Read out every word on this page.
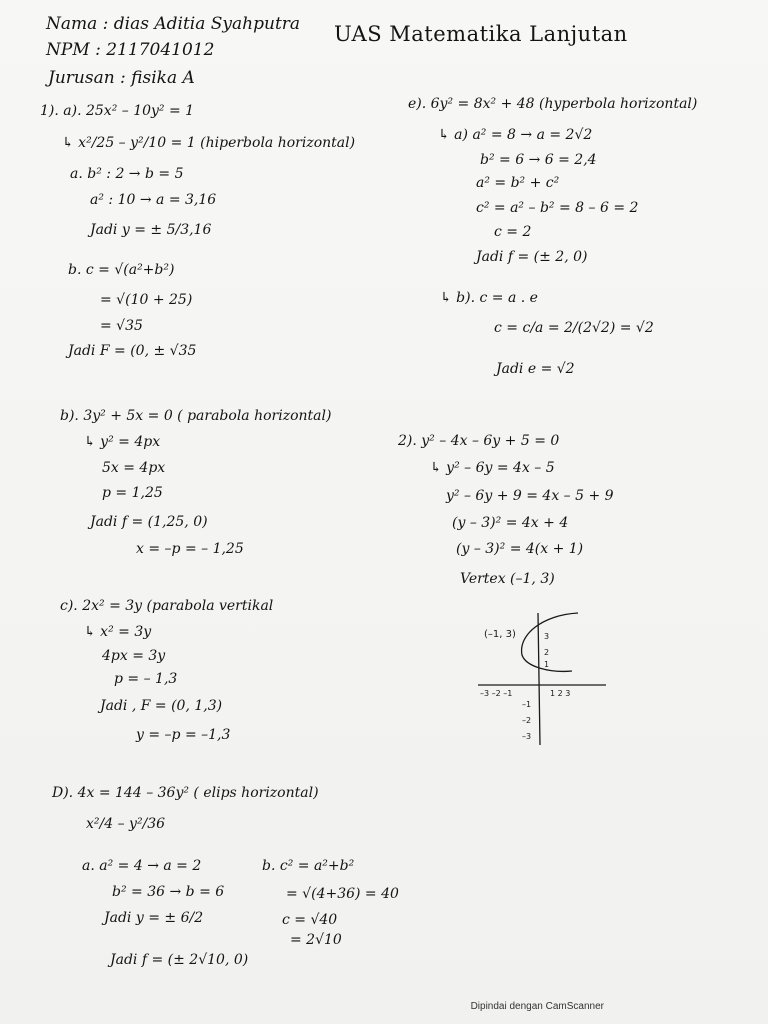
Nama : dias Aditia Syahputra
NPM : 2117041012
Jurusan : fisika A
UAS Matematika Lanjutan
1). a). 25x² – 10y² = 1
↳ x²/25 – y²/10 = 1 (hiperbola horizontal)
a. b² : 2 → b = 5
a² : 10 → a = 3,16
Jadi y = ± 5/3,16
b. c = √(a²+b²)
= √(10 + 25)
= √35
Jadi F = (0, ± √35
b). 3y² + 5x = 0 ( parabola horizontal)
↳ y² = 4px
5x = 4px
p = 1,25
Jadi f = (1,25, 0)
x = –p = – 1,25
c). 2x² = 3y (parabola vertikal
↳ x² = 3y
4px = 3y
p = – 1,3
Jadi , F = (0, 1,3)
y = –p = –1,3
D). 4x = 144 – 36y² ( elips horizontal)
x²/4 – y²/36
a. a² = 4 → a = 2
b² = 36 → b = 6
Jadi y = ± 6/2
b. c² = a²+b²
= √(4+36) = 40
c = √40
= 2√10
Jadi f = (± 2√10, 0)
e). 6y² = 8x² + 48 (hyperbola horizontal)
↳ a) a² = 8 → a = 2√2
b² = 6 → 6 = 2,4
a² = b² + c²
c² = a² – b² = 8 – 6 = 2
c = 2
Jadi f = (± 2, 0)
↳ b). c = a . e
c = c/a = 2/(2√2) = √2
Jadi e = √2
2). y² – 4x – 6y + 5 = 0
↳ y² – 6y = 4x – 5
y² – 6y + 9 = 4x – 5 + 9
(y – 3)² = 4x + 4
(y – 3)² = 4(x + 1)
Vertex (–1, 3)
(–1, 3)	3
2
1
–3 –2 –1	1 2 3
–1
–2
–3
Dipindai dengan CamScanner
